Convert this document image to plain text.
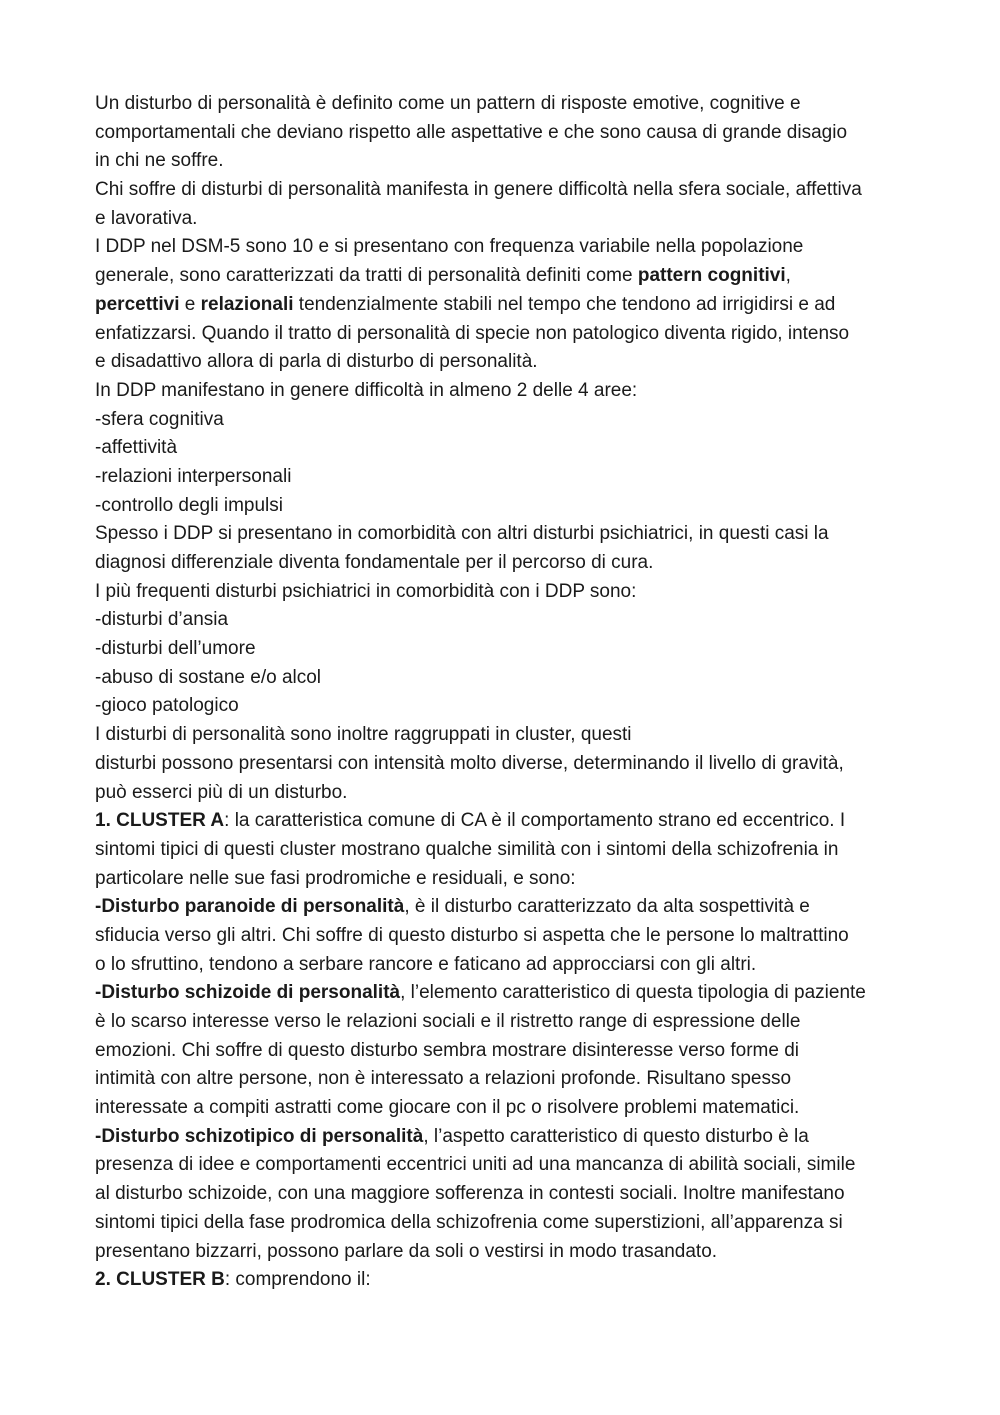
Un disturbo di personalità è definito come un pattern di risposte emotive, cognitive e
comportamentali che deviano rispetto alle aspettative e che sono causa di grande disagio
in chi ne soffre.
Chi soffre di disturbi di personalità manifesta in genere difficoltà nella sfera sociale, affettiva
e lavorativa.
I DDP nel DSM-5 sono 10 e si presentano con frequenza variabile nella popolazione
generale, sono caratterizzati da tratti di personalità definiti come pattern cognitivi,
percettivi e relazionali tendenzialmente stabili nel tempo che tendono ad irrigidirsi e ad
enfatizzarsi. Quando il tratto di personalità di specie non patologico diventa rigido, intenso
e disadattivo allora di parla di disturbo di personalità.
In DDP manifestano in genere difficoltà in almeno 2 delle 4 aree:
-sfera cognitiva
-affettività
-relazioni interpersonali
-controllo degli impulsi
Spesso i DDP si presentano in comorbidità con altri disturbi psichiatrici, in questi casi la
diagnosi differenziale diventa fondamentale per il percorso di cura.
I più frequenti disturbi psichiatrici in comorbidità con i DDP sono:
-disturbi d’ansia
-disturbi dell’umore
-abuso di sostane e/o alcol
-gioco patologico
I disturbi di personalità sono inoltre raggruppati in cluster, questi
disturbi possono presentarsi con intensità molto diverse, determinando il livello di gravità,
può esserci più di un disturbo.
1. CLUSTER A: la caratteristica comune di CA è il comportamento strano ed eccentrico. I
sintomi tipici di questi cluster mostrano qualche similità con i sintomi della schizofrenia in
particolare nelle sue fasi prodromiche e residuali, e sono:
-Disturbo paranoide di personalità, è il disturbo caratterizzato da alta sospettività e
sfiducia verso gli altri. Chi soffre di questo disturbo si aspetta che le persone lo maltrattino
o lo sfruttino, tendono a serbare rancore e faticano ad approcciarsi con gli altri.
-Disturbo schizoide di personalità, l’elemento caratteristico di questa tipologia di paziente
è lo scarso interesse verso le relazioni sociali e il ristretto range di espressione delle
emozioni. Chi soffre di questo disturbo sembra mostrare disinteresse verso forme di
intimità con altre persone, non è interessato a relazioni profonde. Risultano spesso
interessate a compiti astratti come giocare con il pc o risolvere problemi matematici.
-Disturbo schizotipico di personalità, l’aspetto caratteristico di questo disturbo è la
presenza di idee e comportamenti eccentrici uniti ad una mancanza di abilità sociali, simile
al disturbo schizoide, con una maggiore sofferenza in contesti sociali. Inoltre manifestano
sintomi tipici della fase prodromica della schizofrenia come superstizioni, all’apparenza si
presentano bizzarri, possono parlare da soli o vestirsi in modo trasandato.
2. CLUSTER B: comprendono il:
